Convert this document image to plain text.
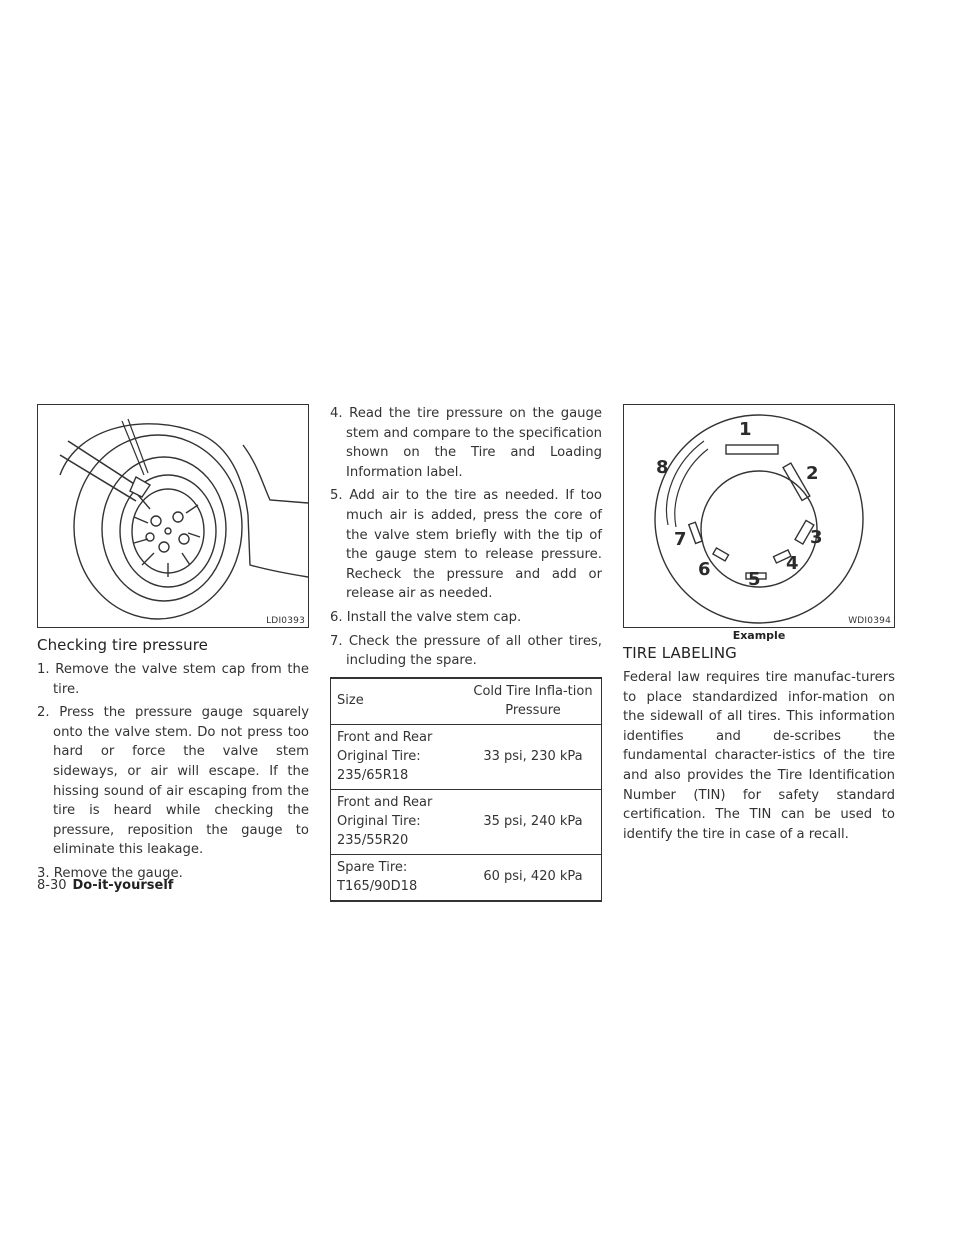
LDI0393
Checking tire pressure
1. Remove the valve stem cap from the tire.
2. Press the pressure gauge squarely onto the valve stem. Do not press too hard or force the valve stem sideways, or air will escape. If the hissing sound of air escaping from the tire is heard while checking the pressure, reposition the gauge to eliminate this leakage.
3. Remove the gauge.
4. Read the tire pressure on the gauge stem and compare to the specification shown on the Tire and Loading Information label.
5. Add air to the tire as needed. If too much air is added, press the core of the valve stem briefly with the tip of the gauge stem to release pressure. Recheck the pressure and add or release air as needed.
6. Install the valve stem cap.
7. Check the pressure of all other tires, including the spare.
Size	Cold Tire Infla-tion Pressure
Front and Rear Original Tire: 235/65R18	33 psi, 230 kPa
Front and Rear Original Tire: 235/55R20	35 psi, 240 kPa
Spare Tire: T165/90D18	60 psi, 420 kPa
1
2
3
4
5
6
7
8
WDI0394
Example
TIRE LABELING

Federal law requires tire manufac-turers to place standardized infor-mation on the sidewall of all tires. This information identifies and de-scribes the fundamental character-istics of the tire and also provides the Tire Identification Number (TIN) for safety standard certification. The TIN can be used to identify the tire in case of a recall.

8-30 Do-it-yourself
